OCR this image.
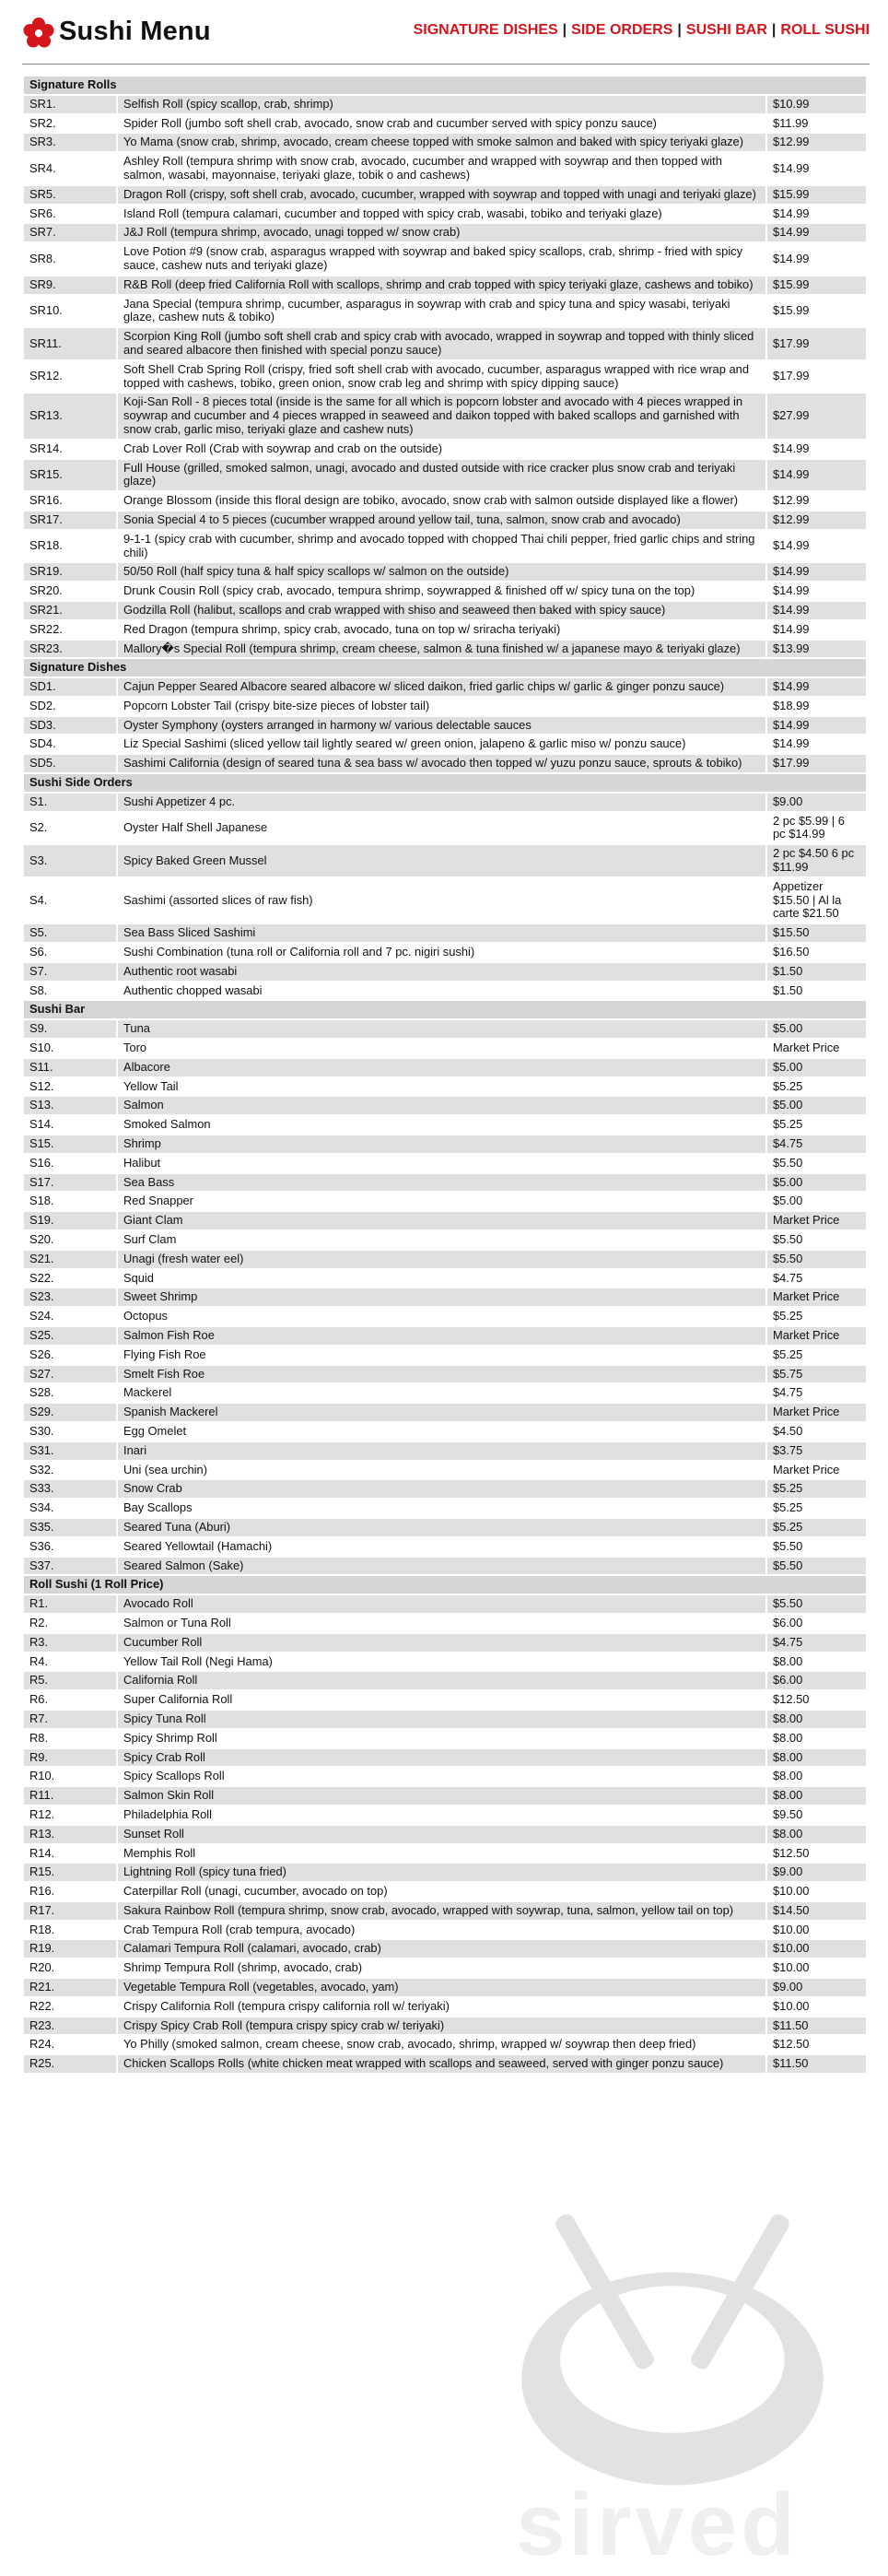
Sushi Menu	SIGNATURE DISHES | SIDE ORDERS | SUSHI BAR | ROLL SUSHI
sirved
Signature Rolls		
SR1.	Selfish Roll (spicy scallop, crab, shrimp)	$10.99
SR2.	Spider Roll (jumbo soft shell crab, avocado, snow crab and cucumber served with spicy ponzu sauce)	$11.99
SR3.	Yo Mama (snow crab, shrimp, avocado, cream cheese topped with smoke salmon and baked with spicy teriyaki glaze)	$12.99
SR4.	Ashley Roll (tempura shrimp with snow crab, avocado, cucumber and wrapped with soywrap and then topped with salmon, wasabi, mayonnaise, teriyaki glaze, tobik o and cashews)	$14.99
SR5.	Dragon Roll (crispy, soft shell crab, avocado, cucumber, wrapped with soywrap and topped with unagi and teriyaki glaze)	$15.99
SR6.	Island Roll (tempura calamari, cucumber and topped with spicy crab, wasabi, tobiko and teriyaki glaze)	$14.99
SR7.	J&J Roll (tempura shrimp, avocado, unagi topped w/ snow crab)	$14.99
SR8.	Love Potion #9 (snow crab, asparagus wrapped with soywrap and baked spicy scallops, crab, shrimp - fried with spicy sauce, cashew nuts and teriyaki glaze)	$14.99
SR9.	R&B Roll (deep fried California Roll with scallops, shrimp and crab topped with spicy teriyaki glaze, cashews and tobiko)	$15.99
SR10.	Jana Special (tempura shrimp, cucumber, asparagus in soywrap with crab and spicy tuna and spicy wasabi, teriyaki glaze, cashew nuts & tobiko)	$15.99
SR11.	Scorpion King Roll (jumbo soft shell crab and spicy crab with avocado, wrapped in soywrap and topped with thinly sliced and seared albacore then finished with special ponzu sauce)	$17.99
SR12.	Soft Shell Crab Spring Roll (crispy, fried soft shell crab with avocado, cucumber, asparagus wrapped with rice wrap and topped with cashews, tobiko, green onion, snow crab leg and shrimp with spicy dipping sauce)	$17.99
SR13.	Koji-San Roll - 8 pieces total (inside is the same for all which is popcorn lobster and avocado with 4 pieces wrapped in soywrap and cucumber and 4 pieces wrapped in seaweed and daikon topped with baked scallops and garnished with snow crab, garlic miso, teriyaki glaze and cashew nuts)	$27.99
SR14.	Crab Lover Roll (Crab with soywrap and crab on the outside)	$14.99
SR15.	Full House (grilled, smoked salmon, unagi, avocado and dusted outside with rice cracker plus snow crab and teriyaki glaze)	$14.99
SR16.	Orange Blossom (inside this floral design are tobiko, avocado, snow crab with salmon outside displayed like a flower)	$12.99
SR17.	Sonia Special 4 to 5 pieces (cucumber wrapped around yellow tail, tuna, salmon, snow crab and avocado)	$12.99
SR18.	9-1-1 (spicy crab with cucumber, shrimp and avocado topped with chopped Thai chili pepper, fried garlic chips and string chili)	$14.99
SR19.	50/50 Roll (half spicy tuna & half spicy scallops w/ salmon on the outside)	$14.99
SR20.	Drunk Cousin Roll (spicy crab, avocado, tempura shrimp, soywrapped & finished off w/ spicy tuna on the top)	$14.99
SR21.	Godzilla Roll (halibut, scallops and crab wrapped with shiso and seaweed then baked with spicy sauce)	$14.99
SR22.	Red Dragon (tempura shrimp, spicy crab, avocado, tuna on top w/ sriracha teriyaki)	$14.99
SR23.	Mallory�s Special Roll (tempura shrimp, cream cheese, salmon & tuna finished w/ a japanese mayo & teriyaki glaze)	$13.99
Signature Dishes		
SD1.	Cajun Pepper Seared Albacore seared albacore w/ sliced daikon, fried garlic chips w/ garlic & ginger ponzu sauce)	$14.99
SD2.	Popcorn Lobster Tail (crispy bite-size pieces of lobster tail)	$18.99
SD3.	Oyster Symphony (oysters arranged in harmony w/ various delectable sauces	$14.99
SD4.	Liz Special Sashimi (sliced yellow tail lightly seared w/ green onion, jalapeno & garlic miso w/ ponzu sauce)	$14.99
SD5.	Sashimi California (design of seared tuna & sea bass w/ avocado then topped w/ yuzu ponzu sauce, sprouts & tobiko)	$17.99
Sushi Side Orders		
S1.	Sushi Appetizer 4 pc.	$9.00
S2.	Oyster Half Shell Japanese	2 pc $5.99 | 6 pc $14.99
S3.	Spicy Baked Green Mussel	2 pc $4.50 6 pc $11.99
S4.	Sashimi (assorted slices of raw fish)	Appetizer $15.50 | Al la carte $21.50
S5.	Sea Bass Sliced Sashimi	$15.50
S6.	Sushi Combination (tuna roll or California roll and 7 pc. nigiri sushi)	$16.50
S7.	Authentic root wasabi	$1.50
S8.	Authentic chopped wasabi	$1.50
Sushi Bar		
S9.	Tuna	$5.00
S10.	Toro	Market Price
S11.	Albacore	$5.00
S12.	Yellow Tail	$5.25
S13.	Salmon	$5.00
S14.	Smoked Salmon	$5.25
S15.	Shrimp	$4.75
S16.	Halibut	$5.50
S17.	Sea Bass	$5.00
S18.	Red Snapper	$5.00
S19.	Giant Clam	Market Price
S20.	Surf Clam	$5.50
S21.	Unagi (fresh water eel)	$5.50
S22.	Squid	$4.75
S23.	Sweet Shrimp	Market Price
S24.	Octopus	$5.25
S25.	Salmon Fish Roe	Market Price
S26.	Flying Fish Roe	$5.25
S27.	Smelt Fish Roe	$5.75
S28.	Mackerel	$4.75
S29.	Spanish Mackerel	Market Price
S30.	Egg Omelet	$4.50
S31.	Inari	$3.75
S32.	Uni (sea urchin)	Market Price
S33.	Snow Crab	$5.25
S34.	Bay Scallops	$5.25
S35.	Seared Tuna (Aburi)	$5.25
S36.	Seared Yellowtail (Hamachi)	$5.50
S37.	Seared Salmon (Sake)	$5.50
Roll Sushi (1 Roll Price)		
R1.	Avocado Roll	$5.50
R2.	Salmon or Tuna Roll	$6.00
R3.	Cucumber Roll	$4.75
R4.	Yellow Tail Roll (Negi Hama)	$8.00
R5.	California Roll	$6.00
R6.	Super California Roll	$12.50
R7.	Spicy Tuna Roll	$8.00
R8.	Spicy Shrimp Roll	$8.00
R9.	Spicy Crab Roll	$8.00
R10.	Spicy Scallops Roll	$8.00
R11.	Salmon Skin Roll	$8.00
R12.	Philadelphia Roll	$9.50
R13.	Sunset Roll	$8.00
R14.	Memphis Roll	$12.50
R15.	Lightning Roll (spicy tuna fried)	$9.00
R16.	Caterpillar Roll (unagi, cucumber, avocado on top)	$10.00
R17.	Sakura Rainbow Roll (tempura shrimp, snow crab, avocado, wrapped with soywrap, tuna, salmon, yellow tail on top)	$14.50
R18.	Crab Tempura Roll (crab tempura, avocado)	$10.00
R19.	Calamari Tempura Roll (calamari, avocado, crab)	$10.00
R20.	Shrimp Tempura Roll (shrimp, avocado, crab)	$10.00
R21.	Vegetable Tempura Roll (vegetables, avocado, yam)	$9.00
R22.	Crispy California Roll (tempura crispy california roll w/ teriyaki)	$10.00
R23.	Crispy Spicy Crab Roll (tempura crispy spicy crab w/ teriyaki)	$11.50
R24.	Yo Philly (smoked salmon, cream cheese, snow crab, avocado, shrimp, wrapped w/ soywrap then deep fried)	$12.50
R25.	Chicken Scallops Rolls (white chicken meat wrapped with scallops and seaweed, served with ginger ponzu sauce)	$11.50
